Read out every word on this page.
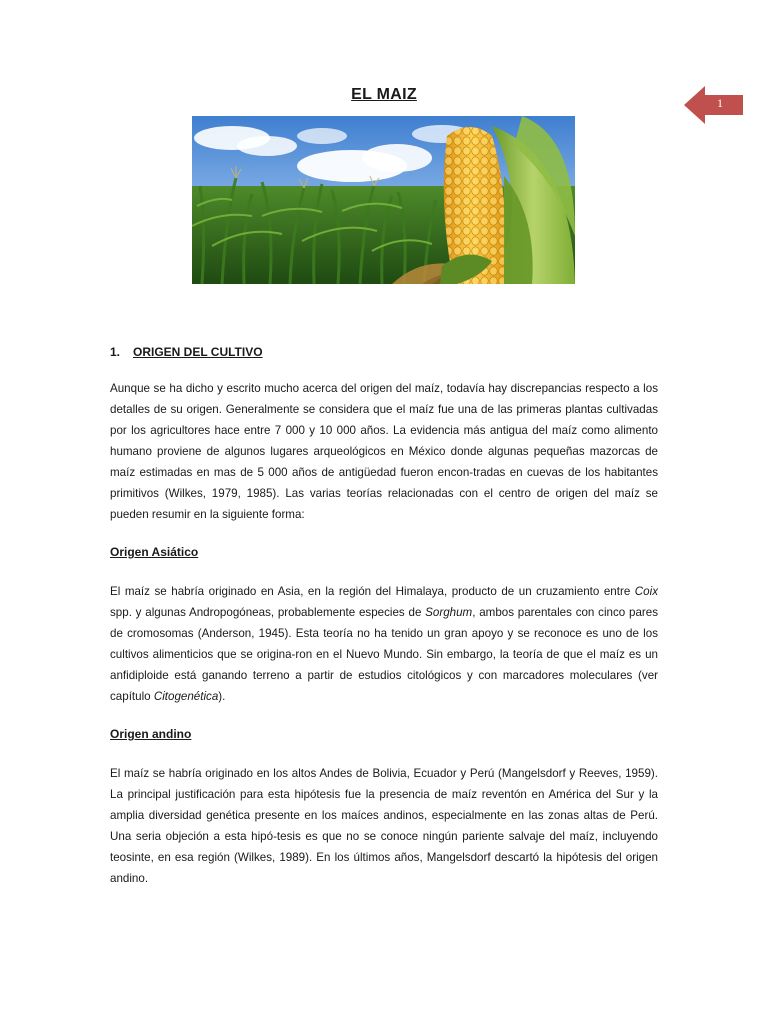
1
EL MAIZ

1. ORIGEN DEL CULTIVO

Aunque se ha dicho y escrito mucho acerca del origen del maíz, todavía hay discrepancias respecto a los detalles de su origen. Generalmente se considera que el maíz fue una de las primeras plantas cultivadas por los agricultores hace entre 7 000 y 10 000 años. La evidencia más antigua del maíz como alimento humano proviene de algunos lugares arqueológicos en México donde algunas pequeñas mazorcas de maíz estimadas en mas de 5 000 años de antigüedad fueron encon-tradas en cuevas de los habitantes primitivos (Wilkes, 1979, 1985). Las varias teorías relacionadas con el centro de origen del maíz se pueden resumir en la siguiente forma:

Origen Asiático

El maíz se habría originado en Asia, en la región del Himalaya, producto de un cruzamiento entre Coix spp. y algunas Andropogóneas, probablemente especies de Sorghum, ambos parentales con cinco pares de cromosomas (Anderson, 1945). Esta teoría no ha tenido un gran apoyo y se reconoce es uno de los cultivos alimenticios que se origina-ron en el Nuevo Mundo. Sin embargo, la teoría de que el maíz es un anfidiploide está ganando terreno a partir de estudios citológicos y con marcadores moleculares (ver capítulo Citogenética).

Origen andino

El maíz se habría originado en los altos Andes de Bolivia, Ecuador y Perú (Mangelsdorf y Reeves, 1959). La principal justificación para esta hipótesis fue la presencia de maíz reventón en América del Sur y la amplia diversidad genética presente en los maíces andinos, especialmente en las zonas altas de Perú. Una seria objeción a esta hipó-tesis es que no se conoce ningún pariente salvaje del maíz, incluyendo teosinte, en esa región (Wilkes, 1989). En los últimos años, Mangelsdorf descartó la hipótesis del origen andino.
